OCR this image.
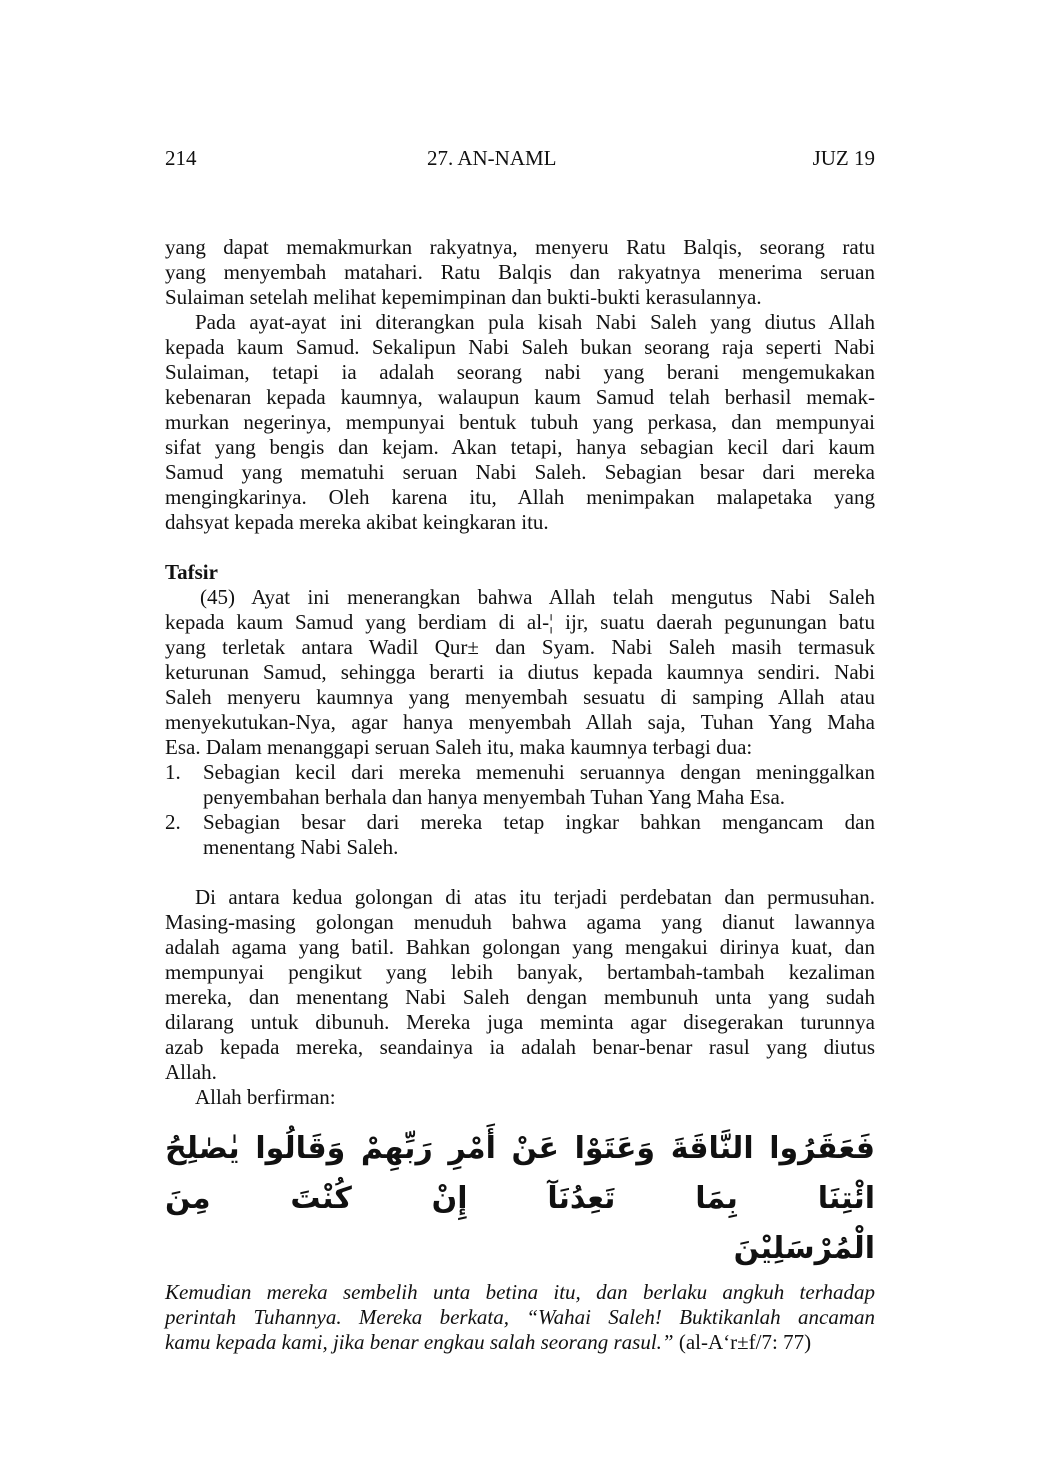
214	27. AN-NAML	JUZ 19
yang dapat memakmurkan rakyatnya, menyeru Ratu Balqis, seorang ratu
yang menyembah matahari. Ratu Balqis dan rakyatnya menerima seruan
Sulaiman setelah melihat kepemimpinan dan bukti-bukti kerasulannya.
Pada ayat-ayat ini diterangkan pula kisah Nabi Saleh yang diutus Allah
kepada kaum Samud. Sekalipun Nabi Saleh bukan seorang raja seperti Nabi
Sulaiman, tetapi ia adalah seorang nabi yang berani mengemukakan
kebenaran kepada kaumnya, walaupun kaum Samud telah berhasil memak-
murkan negerinya, mempunyai bentuk tubuh yang perkasa, dan mempunyai
sifat yang bengis dan kejam. Akan tetapi, hanya sebagian kecil dari kaum
Samud yang mematuhi seruan Nabi Saleh. Sebagian besar dari mereka
mengingkarinya. Oleh karena itu, Allah menimpakan malapetaka yang
dahsyat kepada mereka akibat keingkaran itu.
Tafsir
(45) Ayat ini menerangkan bahwa Allah telah mengutus Nabi Saleh
kepada kaum Samud yang berdiam di al-¦ ijr, suatu daerah pegunungan batu
yang terletak antara Wadil Qur± dan Syam. Nabi Saleh masih termasuk
keturunan Samud, sehingga berarti ia diutus kepada kaumnya sendiri. Nabi
Saleh menyeru kaumnya yang menyembah sesuatu di samping Allah atau
menyekutukan-Nya, agar hanya menyembah Allah saja, Tuhan Yang Maha
Esa. Dalam menanggapi seruan Saleh itu, maka kaumnya terbagi dua:
1. Sebagian kecil dari mereka memenuhi seruannya dengan meninggalkan
penyembahan berhala dan hanya menyembah Tuhan Yang Maha Esa.
2. Sebagian besar dari mereka tetap ingkar bahkan mengancam dan
menentang Nabi Saleh.
Di antara kedua golongan di atas itu terjadi perdebatan dan permusuhan.
Masing-masing golongan menuduh bahwa agama yang dianut lawannya
adalah agama yang batil. Bahkan golongan yang mengakui dirinya kuat, dan
mempunyai pengikut yang lebih banyak, bertambah-tambah kezaliman
mereka, dan menentang Nabi Saleh dengan membunuh unta yang sudah
dilarang untuk dibunuh. Mereka juga meminta agar disegerakan turunnya
azab kepada mereka, seandainya ia adalah benar-benar rasul yang diutus
Allah.
Allah berfirman:
فَعَقَرُوا النَّاقَةَ وَعَتَوْا عَنْ أَمْرِ رَبِّهِمْ وَقَالُوا يٰصٰلِحُ ائْتِنَا بِمَا تَعِدُنَآ إِنْ كُنْتَ مِنَ
الْمُرْسَلِيْنَ
Kemudian mereka sembelih unta betina itu, dan berlaku angkuh terhadap
perintah Tuhannya. Mereka berkata, “Wahai Saleh! Buktikanlah ancaman
kamu kepada kami, jika benar engkau salah seorang rasul.” (al-A‘r±f/7: 77)
